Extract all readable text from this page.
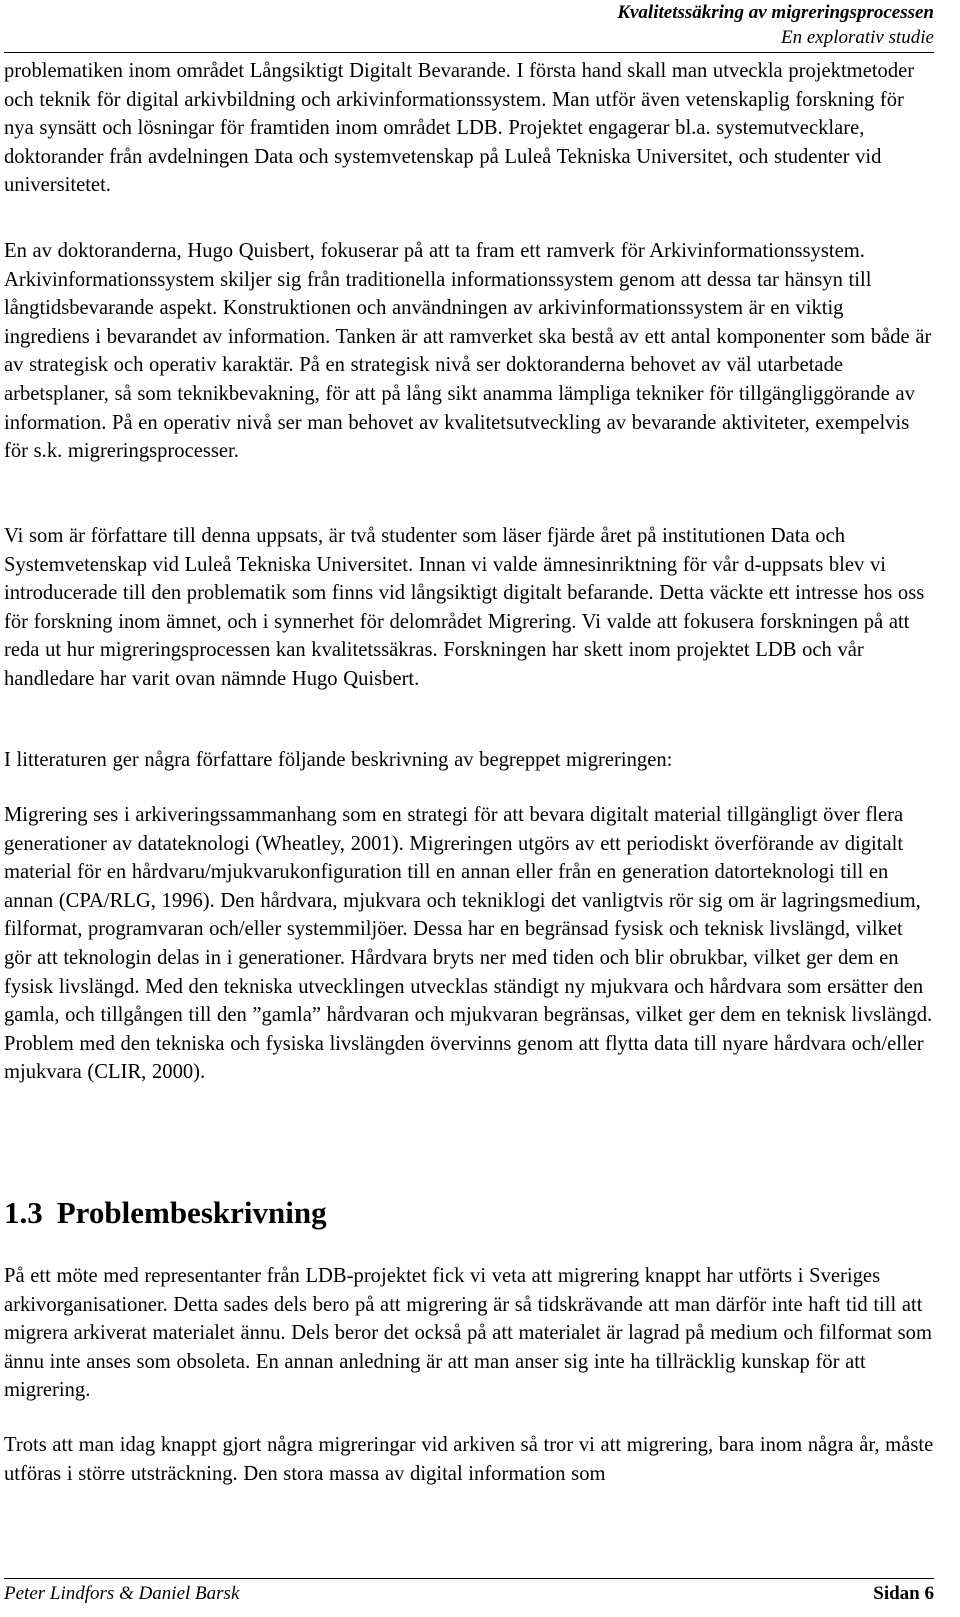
Kvalitetssäkring av migreringsprocessen
En explorativ studie

problematiken inom området Långsiktigt Digitalt Bevarande. I första hand skall man utveckla projektmetoder och teknik för digital arkivbildning och arkivinformationssystem. Man utför även vetenskaplig forskning för nya synsätt och lösningar för framtiden inom området LDB. Projektet engagerar bl.a. systemutvecklare, doktorander från avdelningen Data och systemvetenskap på Luleå Tekniska Universitet, och studenter vid universitetet.

En av doktoranderna, Hugo Quisbert, fokuserar på att ta fram ett ramverk för Arkivinformationssystem. Arkivinformationssystem skiljer sig från traditionella informationssystem genom att dessa tar hänsyn till långtidsbevarande aspekt. Konstruktionen och användningen av arkivinformationssystem är en viktig ingrediens i bevarandet av information. Tanken är att ramverket ska bestå av ett antal komponenter som både är av strategisk och operativ karaktär. På en strategisk nivå ser doktoranderna behovet av väl utarbetade arbetsplaner, så som teknikbevakning, för att på lång sikt anamma lämpliga tekniker för tillgängliggörande av information. På en operativ nivå ser man behovet av kvalitetsutveckling av bevarande aktiviteter, exempelvis för s.k. migreringsprocesser.

Vi som är författare till denna uppsats, är två studenter som läser fjärde året på institutionen Data och Systemvetenskap vid Luleå Tekniska Universitet. Innan vi valde ämnesinriktning för vår d-uppsats blev vi introducerade till den problematik som finns vid långsiktigt digitalt befarande. Detta väckte ett intresse hos oss för forskning inom ämnet, och i synnerhet för delområdet Migrering. Vi valde att fokusera forskningen på att reda ut hur migreringsprocessen kan kvalitetssäkras. Forskningen har skett inom projektet LDB och vår handledare har varit ovan nämnde Hugo Quisbert.

I litteraturen ger några författare följande beskrivning av begreppet migreringen:

Migrering ses i arkiveringssammanhang som en strategi för att bevara digitalt material tillgängligt över flera generationer av datateknologi (Wheatley, 2001). Migreringen utgörs av ett periodiskt överförande av digitalt material för en hårdvaru/mjukvarukonfiguration till en annan eller från en generation datorteknologi till en annan (CPA/RLG, 1996). Den hårdvara, mjukvara och tekniklogi det vanligtvis rör sig om är lagringsmedium, filformat, programvaran och/eller systemmiljöer. Dessa har en begränsad fysisk och teknisk livslängd, vilket gör att teknologin delas in i generationer. Hårdvara bryts ner med tiden och blir obrukbar, vilket ger dem en fysisk livslängd. Med den tekniska utvecklingen utvecklas ständigt ny mjukvara och hårdvara som ersätter den gamla, och tillgången till den ”gamla” hårdvaran och mjukvaran begränsas, vilket ger dem en teknisk livslängd. Problem med den tekniska och fysiska livslängden övervinns genom att flytta data till nyare hårdvara och/eller mjukvara (CLIR, 2000).

1.3 Problembeskrivning

På ett möte med representanter från LDB-projektet fick vi veta att migrering knappt har utförts i Sveriges arkivorganisationer. Detta sades dels bero på att migrering är så tidskrävande att man därför inte haft tid till att migrera arkiverat materialet ännu. Dels beror det också på att materialet är lagrad på medium och filformat som ännu inte anses som obsoleta. En annan anledning är att man anser sig inte ha tillräcklig kunskap för att migrering.

Trots att man idag knappt gjort några migreringar vid arkiven så tror vi att migrering, bara inom några år, måste utföras i större utsträckning. Den stora massa av digital information som

Peter Lindfors & Daniel Barsk	Sidan 6
